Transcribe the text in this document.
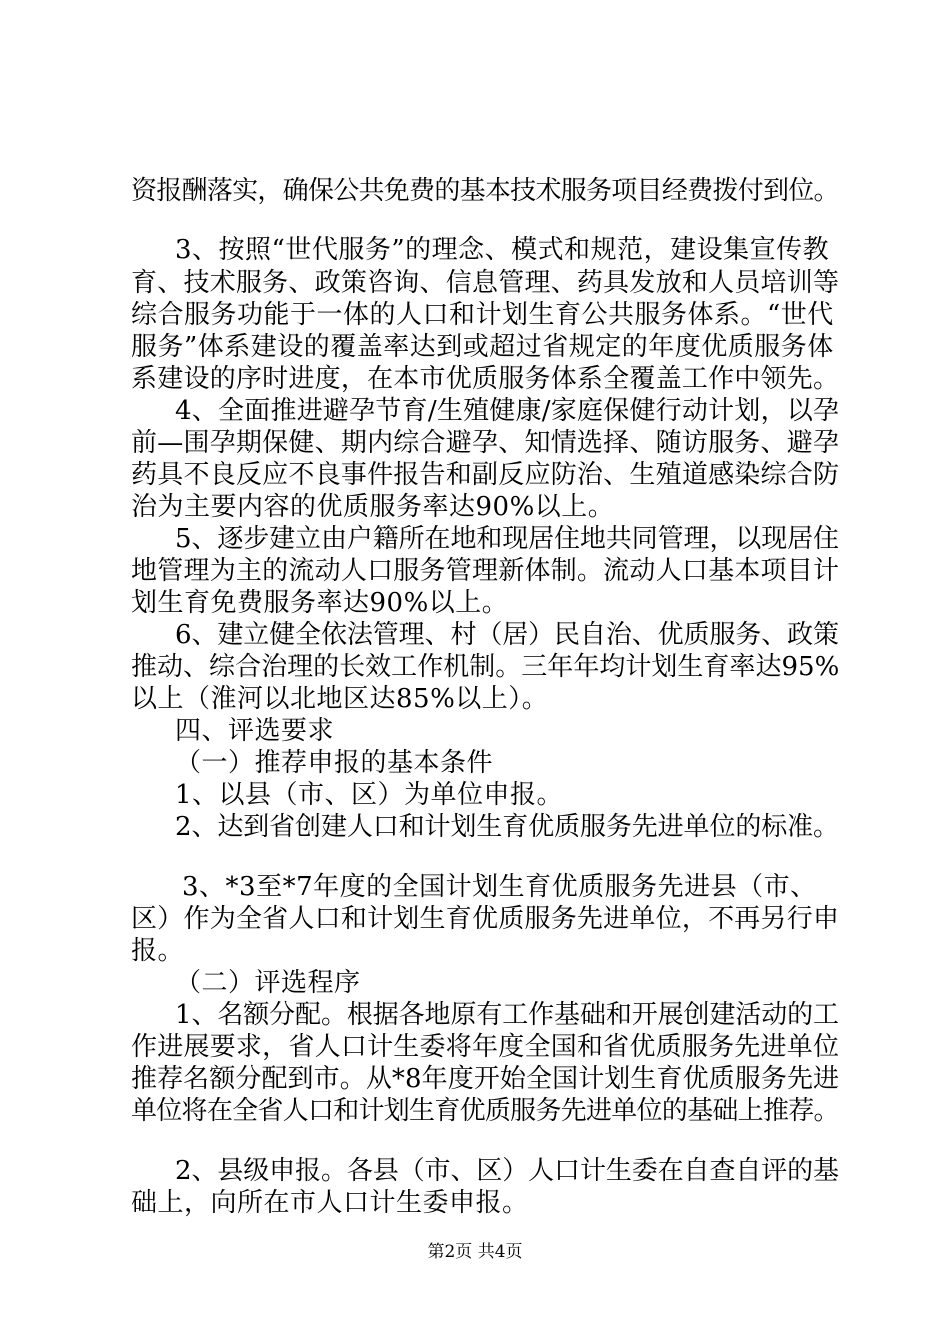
资报酬落实，确保公共免费的基本技术服务项目经费拨付到位。
3、按照“世代服务”的理念、模式和规范，建设集宣传教
育、技术服务、政策咨询、信息管理、药具发放和人员培训等
综合服务功能于一体的人口和计划生育公共服务体系。“世代
服务”体系建设的覆盖率达到或超过省规定的年度优质服务体
系建设的序时进度，在本市优质服务体系全覆盖工作中领先。
4、全面推进避孕节育/生殖健康/家庭保健行动计划，以孕
前—围孕期保健、期内综合避孕、知情选择、随访服务、避孕
药具不良反应不良事件报告和副反应防治、生殖道感染综合防
治为主要内容的优质服务率达90%以上。
5、逐步建立由户籍所在地和现居住地共同管理，以现居住
地管理为主的流动人口服务管理新体制。流动人口基本项目计
划生育免费服务率达90%以上。
6、建立健全依法管理、村（居）民自治、优质服务、政策
推动、综合治理的长效工作机制。三年年均计划生育率达95%
以上（淮河以北地区达85%以上）。
四、评选要求
（一）推荐申报的基本条件
1、以县（市、区）为单位申报。
2、达到省创建人口和计划生育优质服务先进单位的标准。
3、*3至*7年度的全国计划生育优质服务先进县（市、
区）作为全省人口和计划生育优质服务先进单位，不再另行申
报。
（二）评选程序
1、名额分配。根据各地原有工作基础和开展创建活动的工
作进展要求，省人口计生委将年度全国和省优质服务先进单位
推荐名额分配到市。从*8年度开始全国计划生育优质服务先进
单位将在全省人口和计划生育优质服务先进单位的基础上推荐。
2、县级申报。各县（市、区）人口计生委在自查自评的基
础上，向所在市人口计生委申报。
第2页 共4页
